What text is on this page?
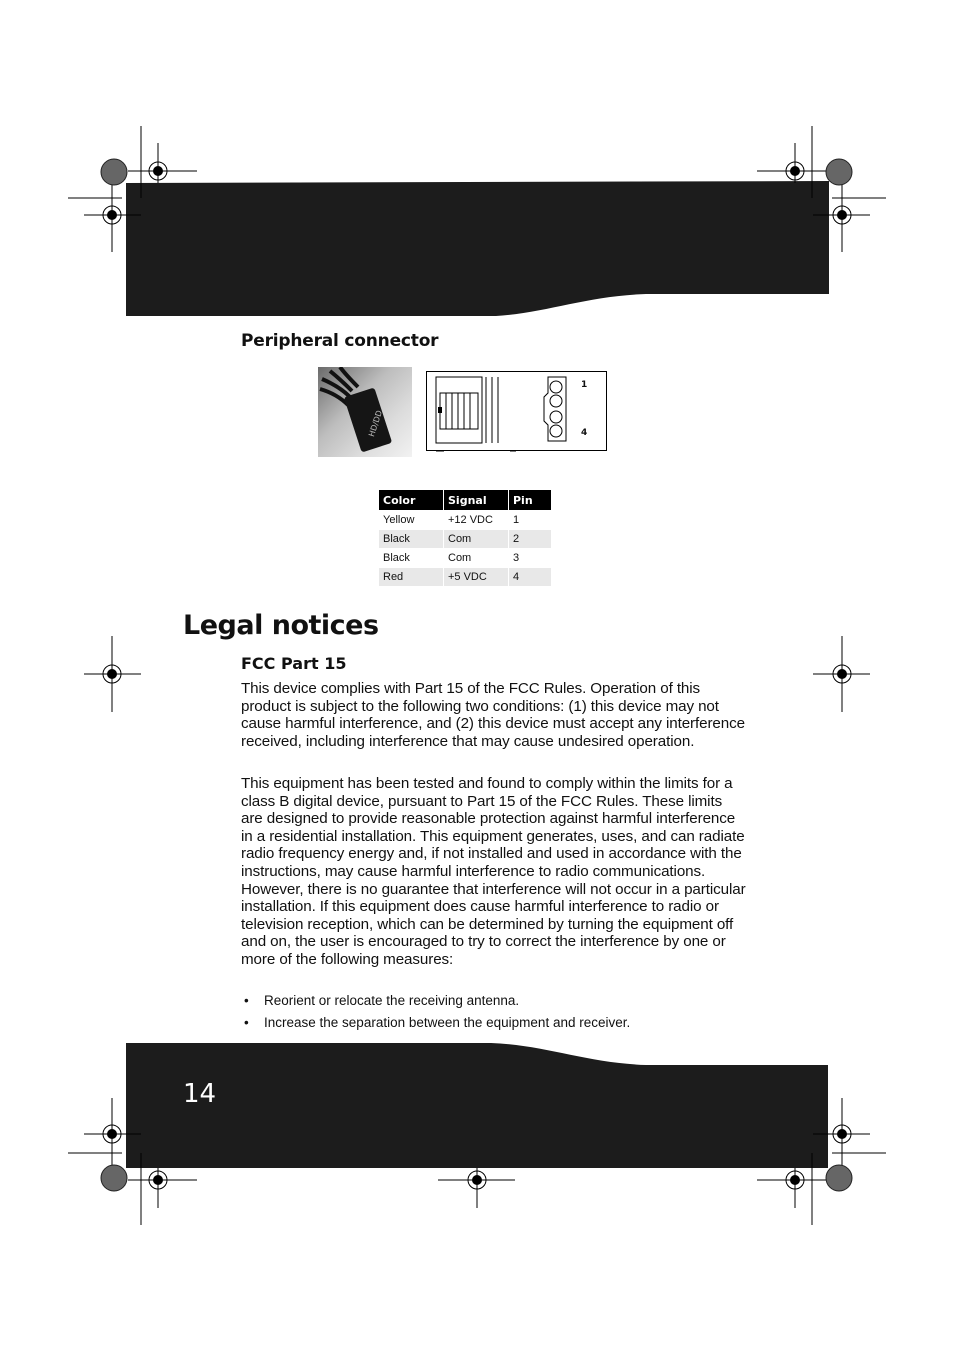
Peripheral connector
HD/DD
1
4
Color	Signal	Pin
Yellow	+12 VDC	1
Black	Com	2
Black	Com	3
Red	+5 VDC	4
Legal notices
FCC Part 15
This device complies with Part 15 of the FCC Rules. Operation of this product is subject to the following two conditions: (1) this device may not cause harmful interference, and (2) this device must accept any interference received, including interference that may cause undesired operation.
This equipment has been tested and found to comply within the limits for a class B digital device, pursuant to Part 15 of the FCC Rules. These limits are designed to provide reasonable protection against harmful interference in a residential installation. This equipment generates, uses, and can radiate radio frequency energy and, if not installed and used in accordance with the instructions, may cause harmful interference to radio communications. However, there is no guarantee that interference will not occur in a particular installation. If this equipment does cause harmful interference to radio or television reception, which can be determined by turning the equipment off and on, the user is encouraged to try to correct the interference by one or more of the following measures:
• Reorient or relocate the receiving antenna.
• Increase the separation between the equipment and receiver.
14
